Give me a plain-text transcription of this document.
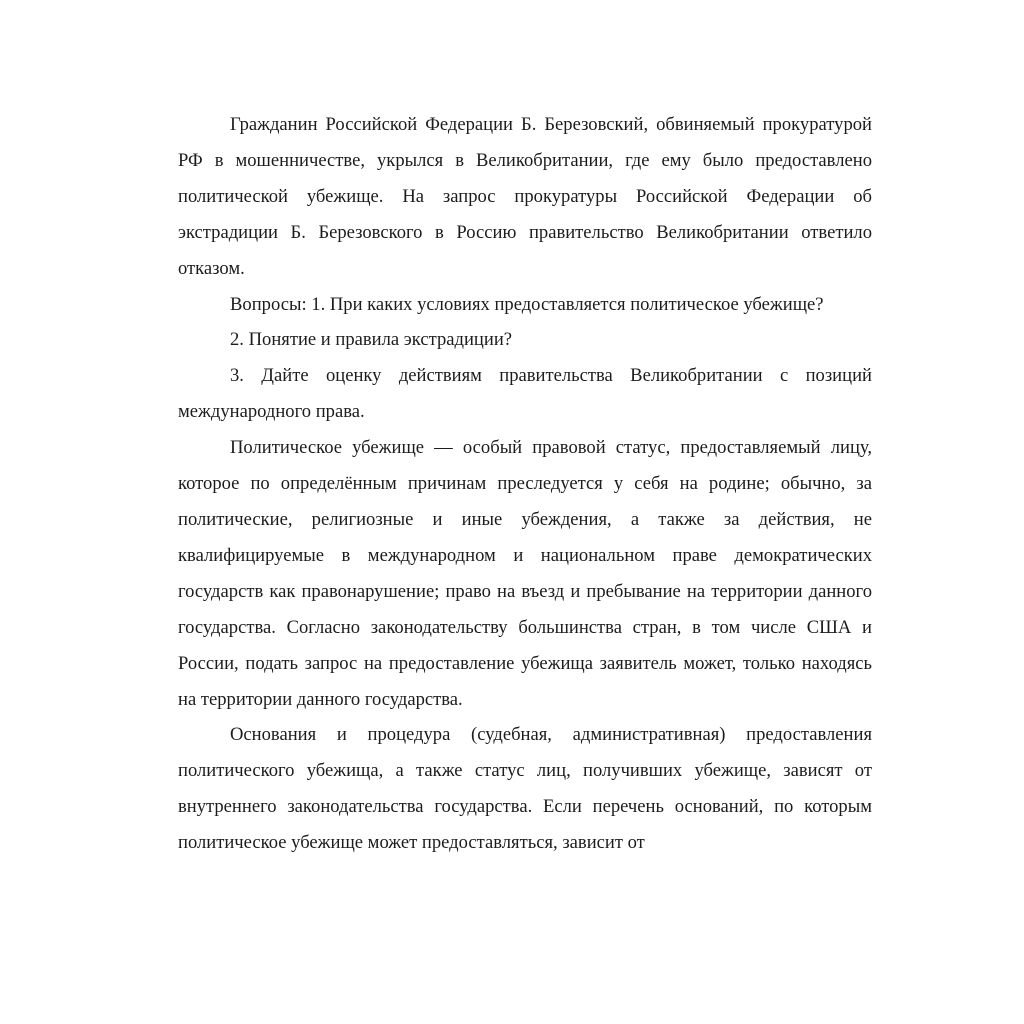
Гражданин Российской Федерации Б. Березовский, обвиняемый прокуратурой РФ в мошенничестве, укрылся в Великобритании, где ему было предоставлено политической убежище. На запрос прокуратуры Российской Федерации об экстрадиции Б. Березовского в Россию правительство Великобритании ответило отказом.

Вопросы: 1. При каких условиях предоставляется политическое убежище?

2. Понятие и правила экстрадиции?

3. Дайте оценку действиям правительства Великобритании с позиций международного права.

Политическое убежище — особый правовой статус, предоставляемый лицу, которое по определённым причинам преследуется у себя на родине; обычно, за политические, религиозные и иные убеждения, а также за действия, не квалифицируемые в международном и национальном праве демократических государств как правонарушение; право на въезд и пребывание на территории данного государства. Согласно законодательству большинства стран, в том числе США и России, подать запрос на предоставление убежища заявитель может, только находясь на территории данного государства.

Основания и процедура (судебная, административная) предоставления политического убежища, а также статус лиц, получивших убежище, зависят от внутреннего законодательства государства. Если перечень оснований, по которым политическое убежище может предоставляться, зависит от
